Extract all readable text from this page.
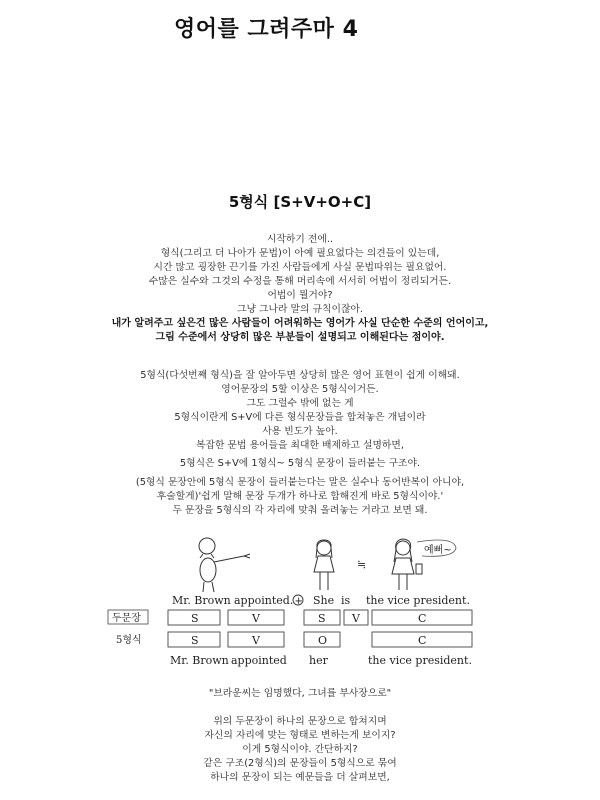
영어를 그려주마 4
5형식 [S+V+O+C]
시작하기 전에..
형식(그리고 더 나아가 문법)이 아예 필요없다는 의견들이 있는데,
시간 많고 굉장한 끈기를 가진 사람들에게 사실 문법따위는 필요없어.
수많은 실수와 그것의 수정을 통해 머리속에 서서히 어법이 정리되거든.
어법이 뭘거야?
그냥 그나라 말의 규칙이잖아.
내가 알려주고 싶은건 많은 사람들이 어려워하는 영어가 사실 단순한 수준의 언어이고,
그림 수준에서 상당히 많은 부분들이 설명되고 이해된다는 점이야.
5형식(다섯번째 형식)을 잘 알아두면 상당히 많은 영어 표현이 쉽게 이해돼.
영어문장의 5할 이상은 5형식이거든.
그도 그럴수 밖에 없는 게
5형식이란게 S+V에 다른 형식문장들을 합쳐놓은 개념이라
사용 빈도가 높아.
복잡한 문법 용어들을 최대한 배제하고 설명하면,
5형식은 S+V에 1형식~ 5형식 문장이 들러붙는 구조야.
(5형식 문장안에 5형식 문장이 들러붙는다는 말은 실수나 동어반복이 아니야,
후술할게)'쉽게 말해 문장 두개가 하나로 합해진게 바로 5형식이야.'
두 문장을 5형식의 각 자리에 맞춰 올려놓는 거라고 보면 돼.
예뻐~
≒
Mr. Brown appointed. + She is the vice president.
두문장
5형식
S	V	S V	C
S	V	O	C
Mr. Brown appointed her	the vice president.
"브라운씨는 임명했다, 그녀를 부사장으로"
위의 두문장이 하나의 문장으로 합쳐지며
자신의 자리에 맞는 형태로 변하는게 보이지?
이게 5형식이야. 간단하지?
같은 구조(2형식)의 문장들이 5형식으로 묶여
하나의 문장이 되는 예문들을 더 살펴보면,
